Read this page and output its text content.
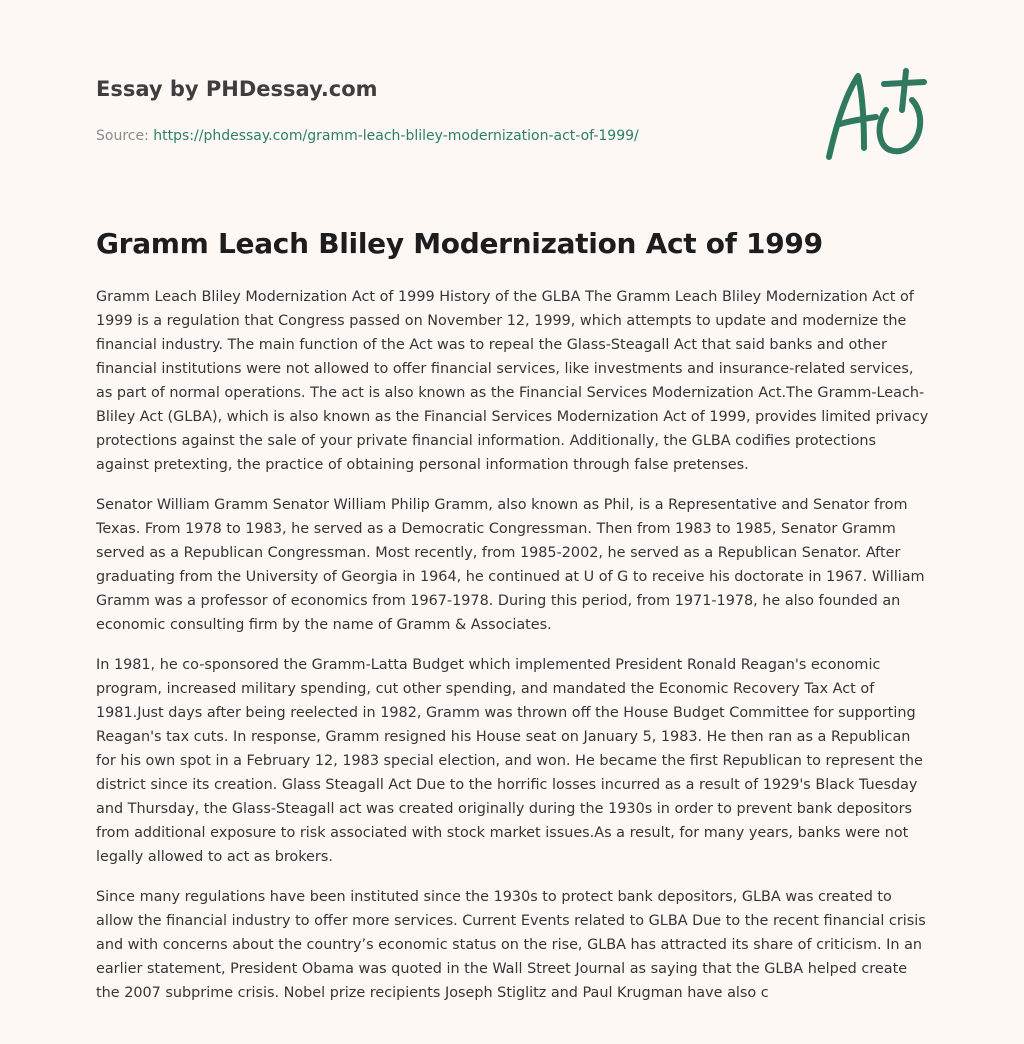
Essay by PHDessay.com
Source: https://phdessay.com/gramm-leach-bliley-modernization-act-of-1999/
Gramm Leach Bliley Modernization Act of 1999

Gramm Leach Bliley Modernization Act of 1999 History of the GLBA The Gramm Leach Bliley Modernization Act of 1999 is a regulation that Congress passed on November 12, 1999, which attempts to update and modernize the financial industry. The main function of the Act was to repeal the Glass-Steagall Act that said banks and other financial institutions were not allowed to offer financial services, like investments and insurance-related services, as part of normal operations. The act is also known as the Financial Services Modernization Act.The Gramm-Leach-Bliley Act (GLBA), which is also known as the Financial Services Modernization Act of 1999, provides limited privacy protections against the sale of your private financial information. Additionally, the GLBA codifies protections against pretexting, the practice of obtaining personal information through false pretenses.

Senator William Gramm Senator William Philip Gramm, also known as Phil, is a Representative and Senator from Texas. From 1978 to 1983, he served as a Democratic Congressman. Then from 1983 to 1985, Senator Gramm served as a Republican Congressman. Most recently, from 1985-2002, he served as a Republican Senator. After graduating from the University of Georgia in 1964, he continued at U of G to receive his doctorate in 1967. William Gramm was a professor of economics from 1967-1978. During this period, from 1971-1978, he also founded an economic consulting firm by the name of Gramm & Associates.

In 1981, he co-sponsored the Gramm-Latta Budget which implemented President Ronald Reagan's economic program, increased military spending, cut other spending, and mandated the Economic Recovery Tax Act of 1981.Just days after being reelected in 1982, Gramm was thrown off the House Budget Committee for supporting Reagan's tax cuts. In response, Gramm resigned his House seat on January 5, 1983. He then ran as a Republican for his own spot in a February 12, 1983 special election, and won. He became the first Republican to represent the district since its creation. Glass Steagall Act Due to the horrific losses incurred as a result of 1929's Black Tuesday and Thursday, the Glass-Steagall act was created originally during the 1930s in order to prevent bank depositors from additional exposure to risk associated with stock market issues.As a result, for many years, banks were not legally allowed to act as brokers.

Since many regulations have been instituted since the 1930s to protect bank depositors, GLBA was created to allow the financial industry to offer more services. Current Events related to GLBA Due to the recent financial crisis and with concerns about the country’s economic status on the rise, GLBA has attracted its share of criticism. In an earlier statement, President Obama was quoted in the Wall Street Journal as saying that the GLBA helped create the 2007 subprime crisis. Nobel prize recipients Joseph Stiglitz and Paul Krugman have also c
